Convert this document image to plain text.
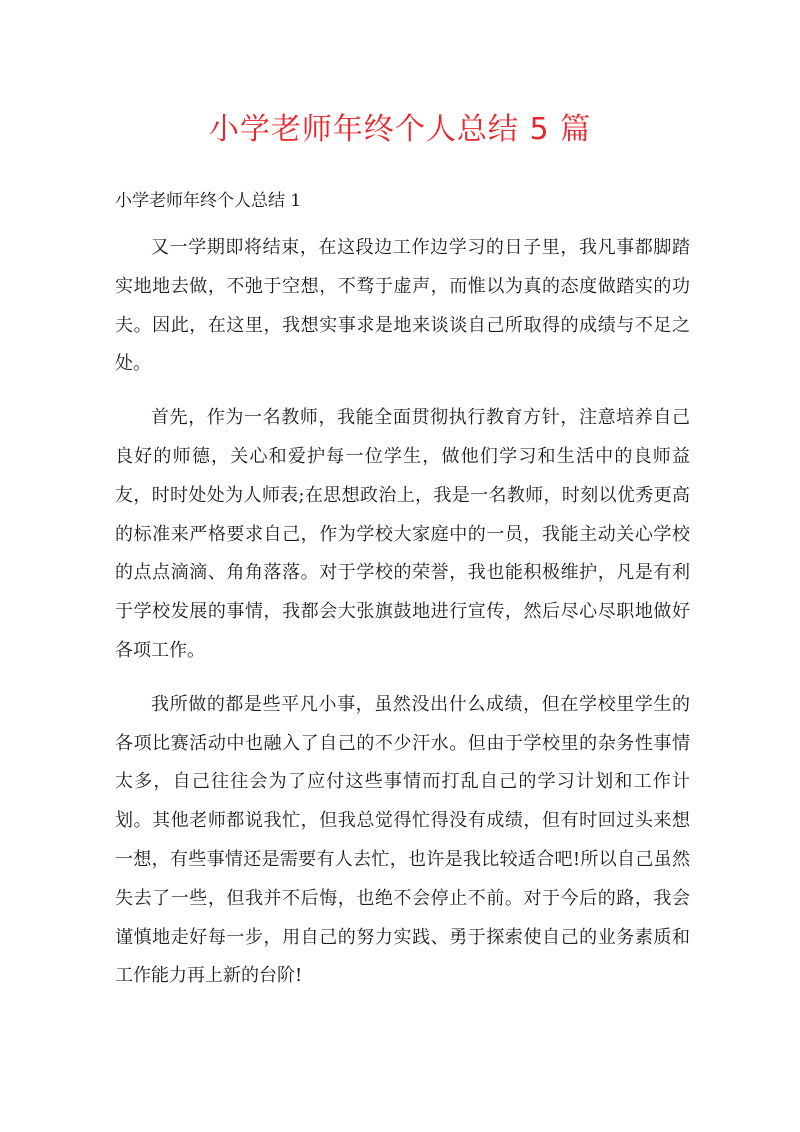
小学老师年终个人总结 5 篇
小学老师年终个人总结 1

又一学期即将结束，在这段边工作边学习的日子里，我凡事都脚踏实地地去做，不弛于空想，不骛于虚声，而惟以为真的态度做踏实的功夫。因此，在这里，我想实事求是地来谈谈自己所取得的成绩与不足之处。

首先，作为一名教师，我能全面贯彻执行教育方针，注意培养自己良好的师德，关心和爱护每一位学生，做他们学习和生活中的良师益友，时时处处为人师表;在思想政治上，我是一名教师，时刻以优秀更高的标准来严格要求自己，作为学校大家庭中的一员，我能主动关心学校的点点滴滴、角角落落。对于学校的荣誉，我也能积极维护，凡是有利于学校发展的事情，我都会大张旗鼓地进行宣传，然后尽心尽职地做好各项工作。

我所做的都是些平凡小事，虽然没出什么成绩，但在学校里学生的各项比赛活动中也融入了自己的不少汗水。但由于学校里的杂务性事情太多，自己往往会为了应付这些事情而打乱自己的学习计划和工作计划。其他老师都说我忙，但我总觉得忙得没有成绩，但有时回过头来想一想，有些事情还是需要有人去忙，也许是我比较适合吧!所以自己虽然失去了一些，但我并不后悔，也绝不会停止不前。对于今后的路，我会谨慎地走好每一步，用自己的努力实践、勇于探索使自己的业务素质和工作能力再上新的台阶!
